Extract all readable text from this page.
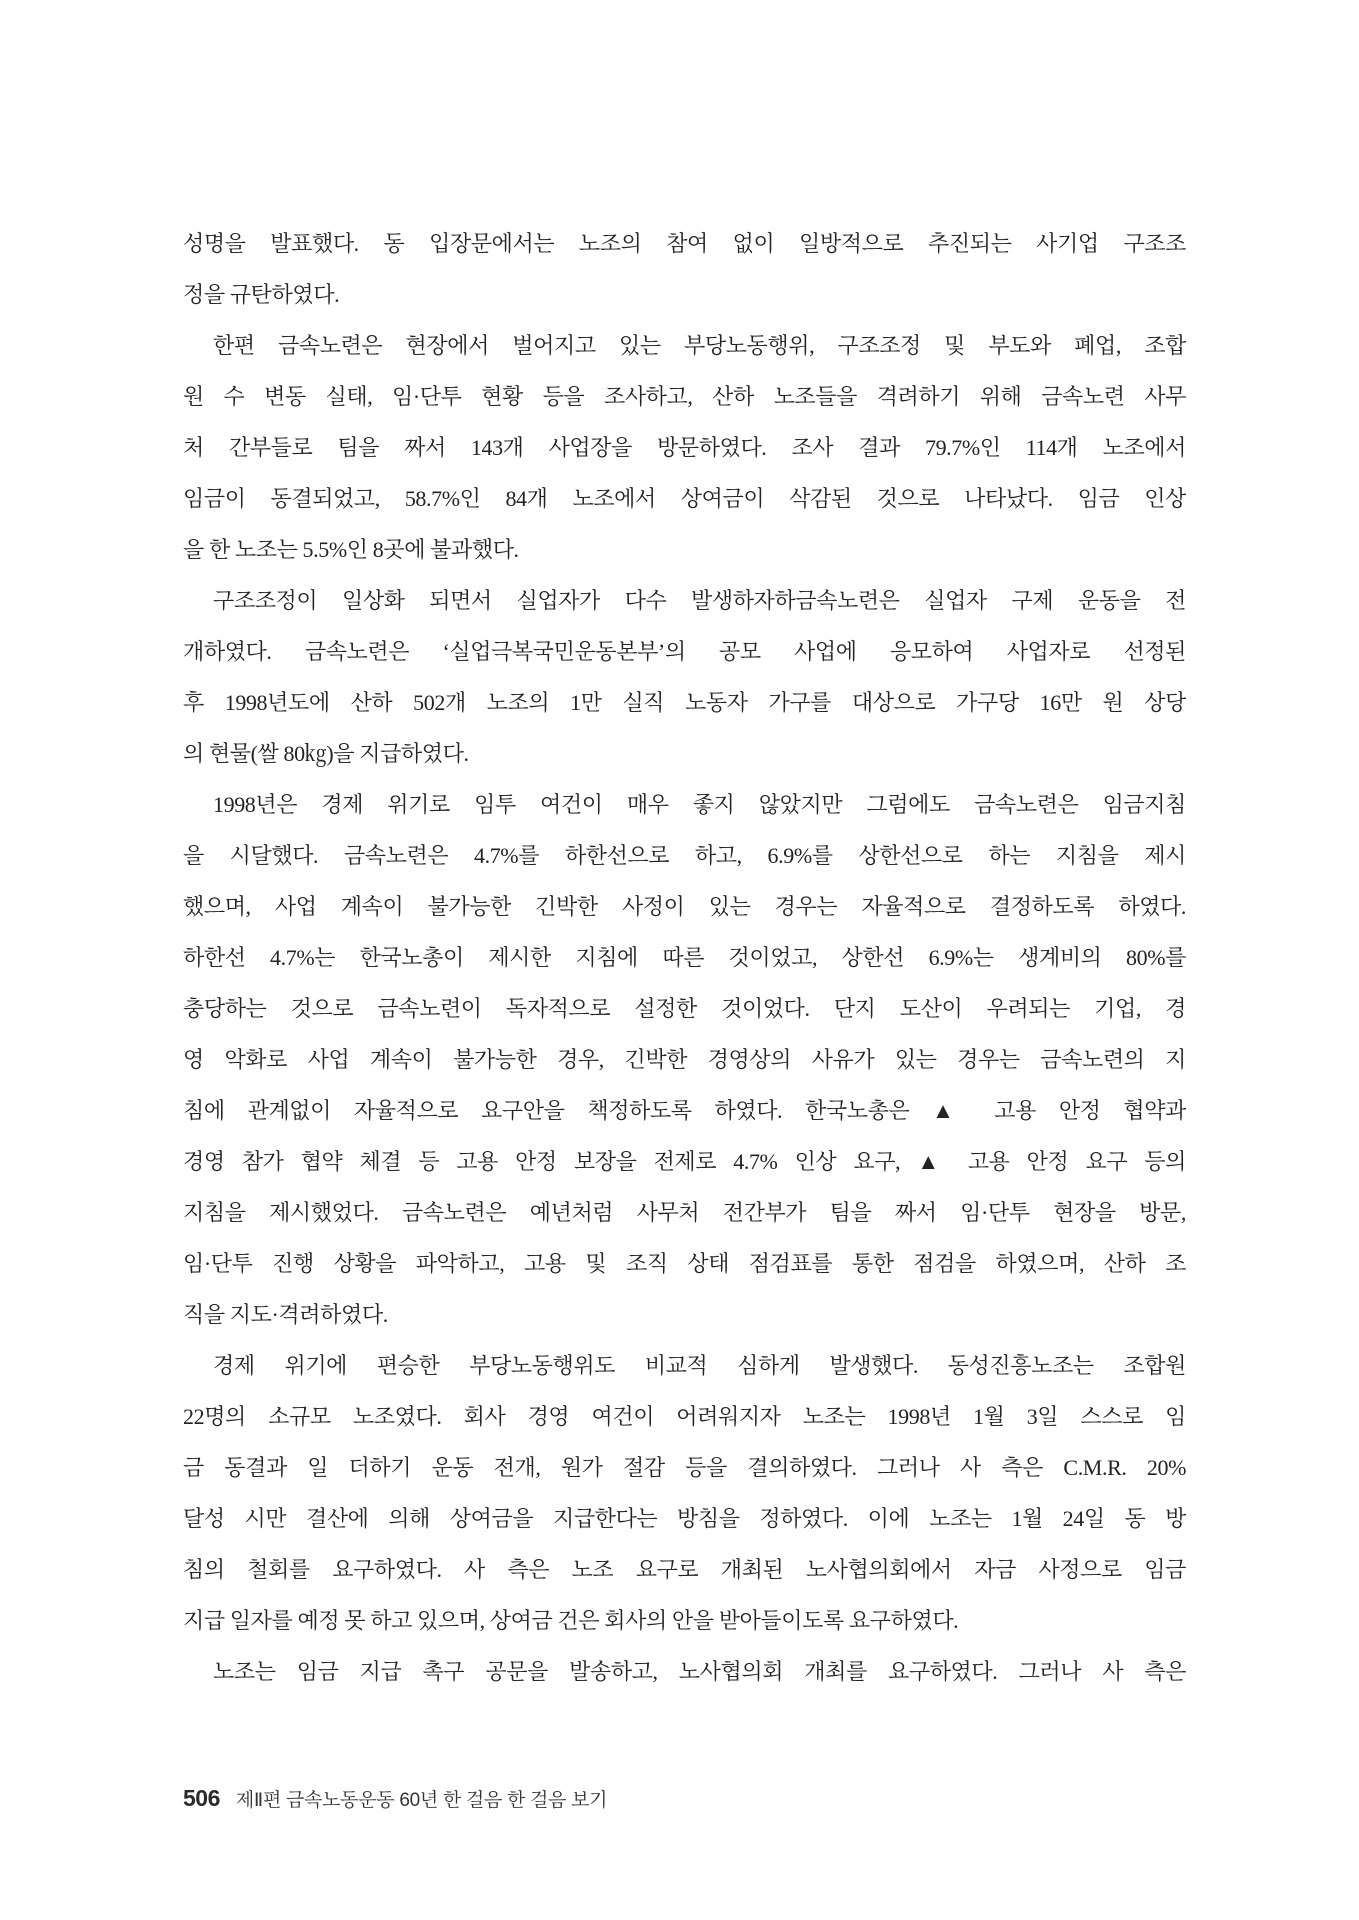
성명을 발표했다. 동 입장문에서는 노조의 참여 없이 일방적으로 추진되는 사기업 구조조
정을 규탄하였다.
한편 금속노련은 현장에서 벌어지고 있는 부당노동행위, 구조조정 및 부도와 폐업, 조합
원 수 변동 실태, 임·단투 현황 등을 조사하고, 산하 노조들을 격려하기 위해 금속노련 사무
처 간부들로 팀을 짜서 143개 사업장을 방문하였다. 조사 결과 79.7%인 114개 노조에서
임금이 동결되었고, 58.7%인 84개 노조에서 상여금이 삭감된 것으로 나타났다. 임금 인상
을 한 노조는 5.5%인 8곳에 불과했다.
구조조정이 일상화 되면서 실업자가 다수 발생하자하금속노련은 실업자 구제 운동을 전
개하였다. 금속노련은 ‘실업극복국민운동본부’의 공모 사업에 응모하여 사업자로 선정된
후 1998년도에 산하 502개 노조의 1만 실직 노동자 가구를 대상으로 가구당 16만 원 상당
의 현물(쌀 80㎏)을 지급하였다.
1998년은 경제 위기로 임투 여건이 매우 좋지 않았지만 그럼에도 금속노련은 임금지침
을 시달했다. 금속노련은 4.7%를 하한선으로 하고, 6.9%를 상한선으로 하는 지침을 제시
했으며, 사업 계속이 불가능한 긴박한 사정이 있는 경우는 자율적으로 결정하도록 하였다.
하한선 4.7%는 한국노총이 제시한 지침에 따른 것이었고, 상한선 6.9%는 생계비의 80%를
충당하는 것으로 금속노련이 독자적으로 설정한 것이었다. 단지 도산이 우려되는 기업, 경
영 악화로 사업 계속이 불가능한 경우, 긴박한 경영상의 사유가 있는 경우는 금속노련의 지
침에 관계없이 자율적으로 요구안을 책정하도록 하였다. 한국노총은 ▲ 고용 안정 협약과
경영 참가 협약 체결 등 고용 안정 보장을 전제로 4.7% 인상 요구, ▲ 고용 안정 요구 등의
지침을 제시했었다. 금속노련은 예년처럼 사무처 전간부가 팀을 짜서 임·단투 현장을 방문,
임·단투 진행 상황을 파악하고, 고용 및 조직 상태 점검표를 통한 점검을 하였으며, 산하 조
직을 지도·격려하였다.
경제 위기에 편승한 부당노동행위도 비교적 심하게 발생했다. 동성진흥노조는 조합원
22명의 소규모 노조였다. 회사 경영 여건이 어려워지자 노조는 1998년 1월 3일 스스로 임
금 동결과 일 더하기 운동 전개, 원가 절감 등을 결의하였다. 그러나 사 측은 C.M.R. 20%
달성 시만 결산에 의해 상여금을 지급한다는 방침을 정하였다. 이에 노조는 1월 24일 동 방
침의 철회를 요구하였다. 사 측은 노조 요구로 개최된 노사협의회에서 자금 사정으로 임금
지급 일자를 예정 못 하고 있으며, 상여금 건은 회사의 안을 받아들이도록 요구하였다.
노조는 임금 지급 촉구 공문을 발송하고, 노사협의회 개최를 요구하였다. 그러나 사 측은
506 제Ⅱ편 금속노동운동 60년 한 걸음 한 걸음 보기
